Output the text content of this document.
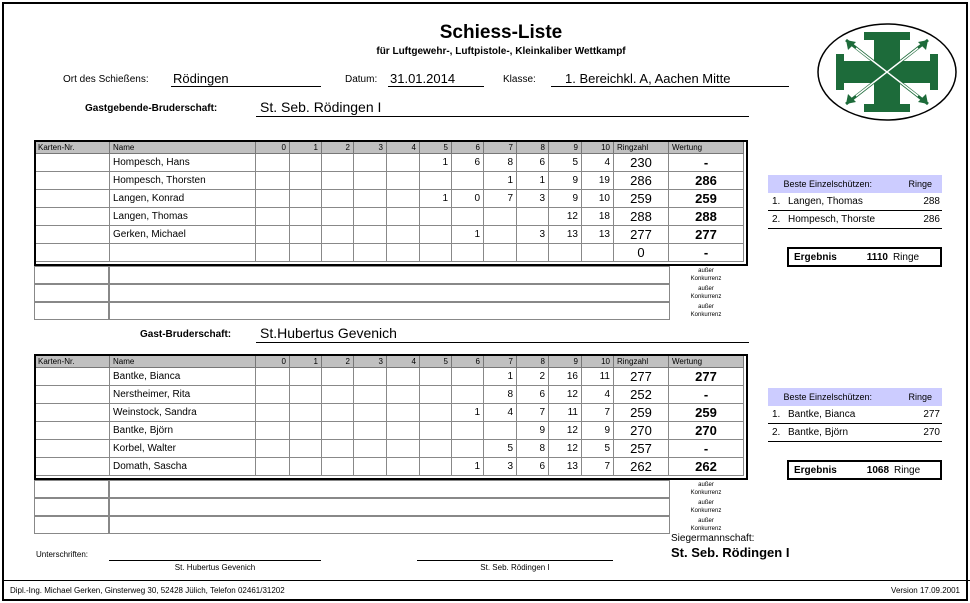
Schiess-Liste
für Luftgewehr-, Luftpistole-, Kleinkaliber Wettkampf
Ort des Schießens: Rödingen	Datum: 31.01.2014	Klasse:	1. Bereichkl. A, Aachen Mitte
Gastgebende-Bruderschaft:	St. Seb. Rödingen I
Karten-Nr.	Name	0	1	2	3	4	5	6	7	8	9	10	Ringzahl	Wertung
	Hompesch, Hans						1	6	8	6	5	4	230	-
	Hompesch, Thorsten								1	1	9	19	286	286
	Langen, Konrad						1	0	7	3	9	10	259	259
	Langen, Thomas										12	18	288	288
	Gerken, Michael							1		3	13	13	277	277
													0	-
außer
Konkurrenz
außer
Konkurrenz
außer
Konkurrenz
Beste Einzelschützen:	Ringe
1. Langen, Thomas	288
2. Hompesch, Thorste	286
Ergebnis	1110 Ringe
Gast-Bruderschaft: St.Hubertus Gevenich
Karten-Nr.	Name	0	1	2	3	4	5	6	7	8	9	10	Ringzahl	Wertung
	Bantke, Bianca								1	2	16	11	277	277
	Nerstheimer, Rita								8	6	12	4	252	-
	Weinstock, Sandra							1	4	7	11	7	259	259
	Bantke, Björn									9	12	9	270	270
	Korbel, Walter								5	8	12	5	257	-
	Domath, Sascha							1	3	6	13	7	262	262
außer
Konkurrenz
außer
Konkurrenz
außer
Konkurrenz
Beste Einzelschützen:	Ringe
1. Bantke, Bianca	277
2. Bantke, Björn	270
Ergebnis	1068 Ringe
Unterschriften:
St. Hubertus Gevenich	St. Seb. Rödingen I
Siegermannschaft:
St. Seb. Rödingen I
Dipl.-Ing. Michael Gerken, Ginsterweg 30, 52428 Jülich, Telefon 02461/31202	Version 17.09.2001
